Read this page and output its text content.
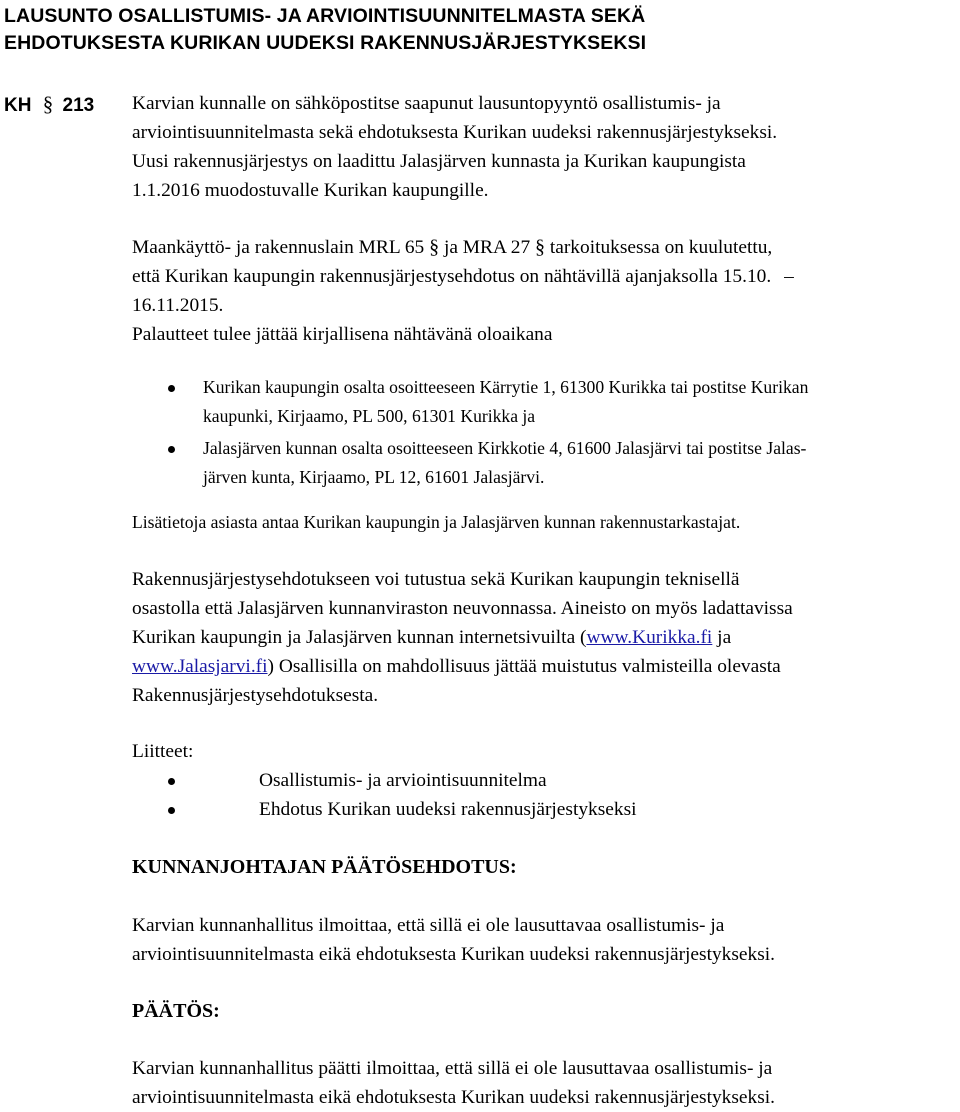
LAUSUNTO OSALLISTUMIS- JA ARVIOINTISUUNNITELMASTA SEKÄ
EHDOTUKSESTA KURIKAN UUDEKSI RAKENNUSJÄRJESTYKSEKSI
KH § 213 Karvian kunnalle on sähköpostitse saapunut lausuntopyyntö osallistumis- ja
arviointisuunnitelmasta sekä ehdotuksesta Kurikan uudeksi rakennusjärjestykseksi.
Uusi rakennusjärjestys on laadittu Jalasjärven kunnasta ja Kurikan kaupungista
1.1.2016 muodostuvalle Kurikan kaupungille.
Maankäyttö- ja rakennuslain MRL 65 § ja MRA 27 § tarkoituksessa on kuulutettu,
että Kurikan kaupungin rakennusjärjestysehdotus on nähtävillä ajanjaksolla 15.10. –
16.11.2015.
Palautteet tulee jättää kirjallisena nähtävänä oloaikana
Kurikan kaupungin osalta osoitteeseen Kärrytie 1, 61300 Kurikka tai postitse Kurikan
kaupunki, Kirjaamo, PL 500, 61301 Kurikka ja
Jalasjärven kunnan osalta osoitteeseen Kirkkotie 4, 61600 Jalasjärvi tai postitse Jalas-
järven kunta, Kirjaamo, PL 12, 61601 Jalasjärvi.
Lisätietoja asiasta antaa Kurikan kaupungin ja Jalasjärven kunnan rakennustarkastajat.
Rakennusjärjestysehdotukseen voi tutustua sekä Kurikan kaupungin teknisellä
osastolla että Jalasjärven kunnanviraston neuvonnassa. Aineisto on myös ladattavissa
Kurikan kaupungin ja Jalasjärven kunnan internetsivuilta (www.Kurikka.fi ja
www.Jalasjarvi.fi) Osallisilla on mahdollisuus jättää muistutus valmisteilla olevasta
Rakennusjärjestysehdotuksesta.
Liitteet:
Osallistumis- ja arviointisuunnitelma
Ehdotus Kurikan uudeksi rakennusjärjestykseksi
KUNNANJOHTAJAN PÄÄTÖSEHDOTUS:
Karvian kunnanhallitus ilmoittaa, että sillä ei ole lausuttavaa osallistumis- ja
arviointisuunnitelmasta eikä ehdotuksesta Kurikan uudeksi rakennusjärjestykseksi.
PÄÄTÖS:
Karvian kunnanhallitus päätti ilmoittaa, että sillä ei ole lausuttavaa osallistumis- ja
arviointisuunnitelmasta eikä ehdotuksesta Kurikan uudeksi rakennusjärjestykseksi.
